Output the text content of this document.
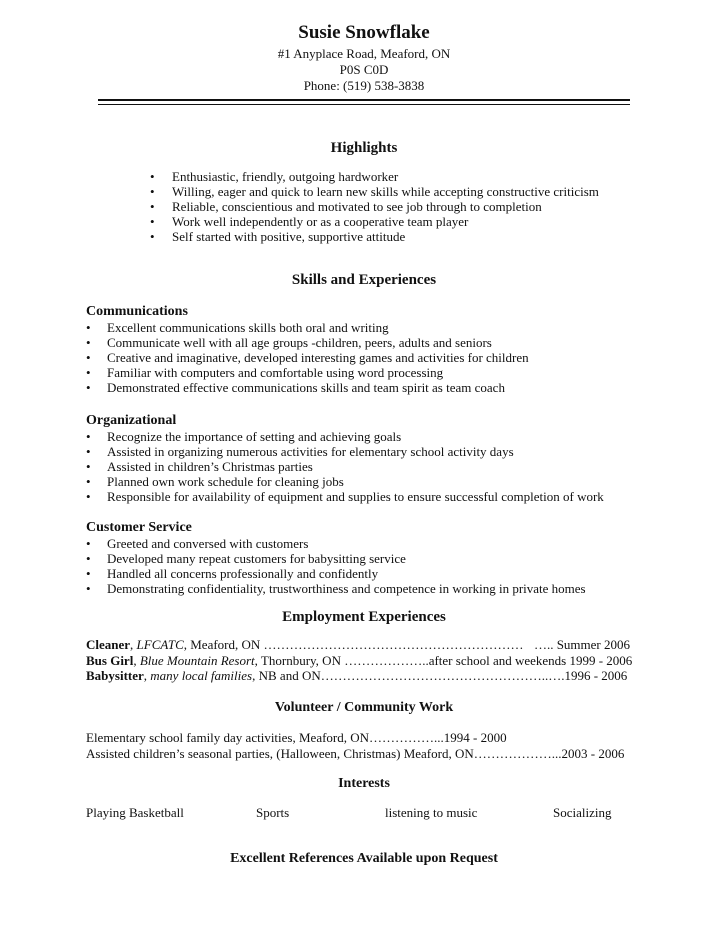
Susie Snowflake
#1 Anyplace Road, Meaford, ON
P0S C0D
Phone: (519) 538-3838
Highlights
• Enthusiastic, friendly, outgoing hardworker
• Willing, eager and quick to learn new skills while accepting constructive criticism
• Reliable, conscientious and motivated to see job through to completion
• Work well independently or as a cooperative team player
• Self started with positive, supportive attitude
Skills and Experiences
Communications
• Excellent communications skills both oral and writing
• Communicate well with all age groups -children, peers, adults and seniors
• Creative and imaginative, developed interesting games and activities for children
• Familiar with computers and comfortable using word processing
• Demonstrated effective communications skills and team spirit as team coach
Organizational
• Recognize the importance of setting and achieving goals
• Assisted in organizing numerous activities for elementary school activity days
• Assisted in children’s Christmas parties
• Planned own work schedule for cleaning jobs
• Responsible for availability of equipment and supplies to ensure successful completion of work
Customer Service
• Greeted and conversed with customers
• Developed many repeat customers for babysitting service
• Handled all concerns professionally and confidently
• Demonstrating confidentiality, trustworthiness and competence in working in private homes
Employment Experiences
Cleaner, LFCATC, Meaford, ON …………………………………………………… ….. Summer 2006
Bus Girl, Blue Mountain Resort, Thornbury, ON ………………..after school and weekends 1999 - 2006
Babysitter, many local families, NB and ON……………………………………………..….1996 - 2006
Volunteer / Community Work
Elementary school family day activities, Meaford, ON……………...1994 - 2000
Assisted children’s seasonal parties, (Halloween, Christmas) Meaford, ON………………...2003 - 2006
Interests
Playing Basketball	Sports	listening to music	Socializing
Excellent References Available upon Request
